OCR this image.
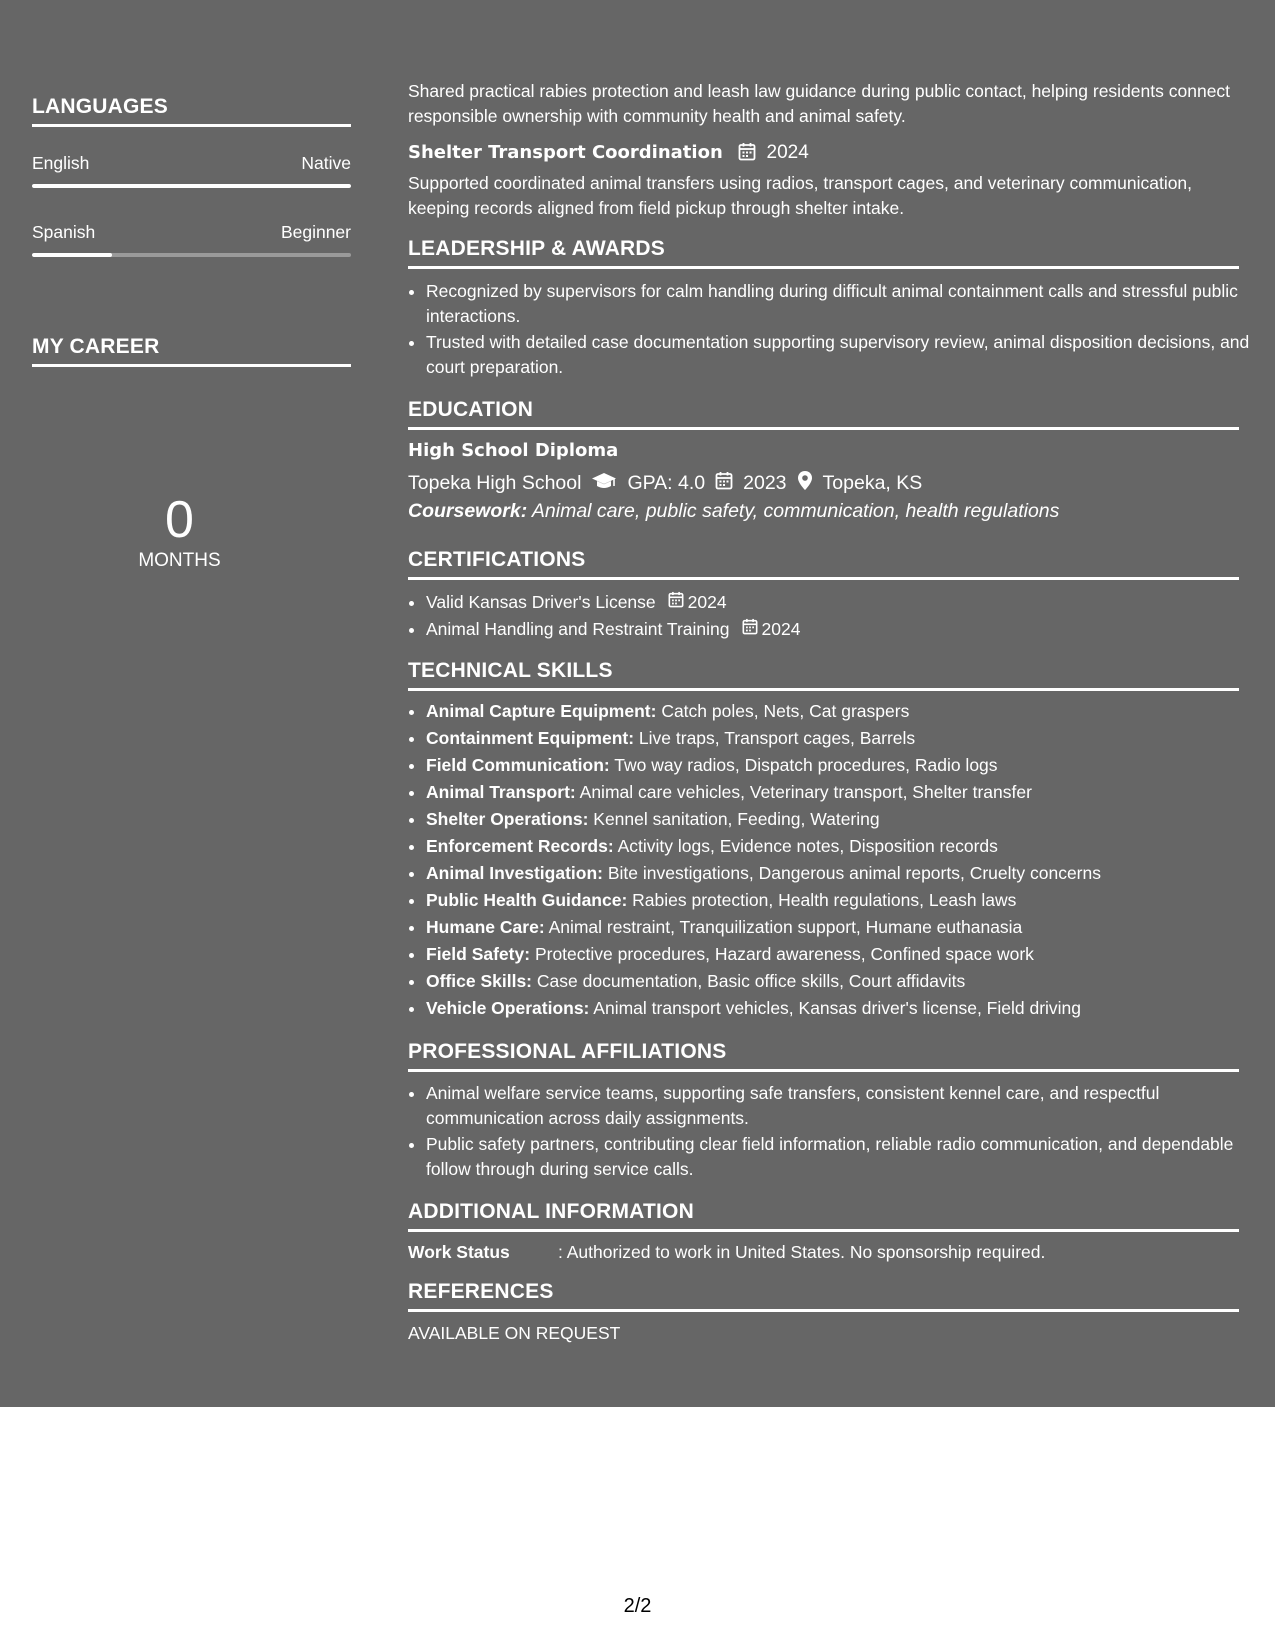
LANGUAGES
English	Native
Spanish	Beginner
MY CAREER
0
MONTHS
Shared practical rabies protection and leash law guidance during public contact, helping residents connect responsible ownership with community health and animal safety.
Shelter Transport Coordination 2024
Supported coordinated animal transfers using radios, transport cages, and veterinary communication, keeping records aligned from field pickup through shelter intake.
LEADERSHIP & AWARDS
• Recognized by supervisors for calm handling during difficult animal containment calls and stressful public interactions.
• Trusted with detailed case documentation supporting supervisory review, animal disposition decisions, and court preparation.
EDUCATION
High School Diploma
Topeka High School GPA: 4.0 2023 Topeka, KS
Coursework: Animal care, public safety, communication, health regulations
CERTIFICATIONS
• Valid Kansas Driver's License 2024
• Animal Handling and Restraint Training 2024
TECHNICAL SKILLS
• Animal Capture Equipment: Catch poles, Nets, Cat graspers
• Containment Equipment: Live traps, Transport cages, Barrels
• Field Communication: Two way radios, Dispatch procedures, Radio logs
• Animal Transport: Animal care vehicles, Veterinary transport, Shelter transfer
• Shelter Operations: Kennel sanitation, Feeding, Watering
• Enforcement Records: Activity logs, Evidence notes, Disposition records
• Animal Investigation: Bite investigations, Dangerous animal reports, Cruelty concerns
• Public Health Guidance: Rabies protection, Health regulations, Leash laws
• Humane Care: Animal restraint, Tranquilization support, Humane euthanasia
• Field Safety: Protective procedures, Hazard awareness, Confined space work
• Office Skills: Case documentation, Basic office skills, Court affidavits
• Vehicle Operations: Animal transport vehicles, Kansas driver's license, Field driving
PROFESSIONAL AFFILIATIONS
• Animal welfare service teams, supporting safe transfers, consistent kennel care, and respectful communication across daily assignments.
• Public safety partners, contributing clear field information, reliable radio communication, and dependable follow through during service calls.
ADDITIONAL INFORMATION
Work Status	: Authorized to work in United States. No sponsorship required.
REFERENCES
AVAILABLE ON REQUEST
2/2
